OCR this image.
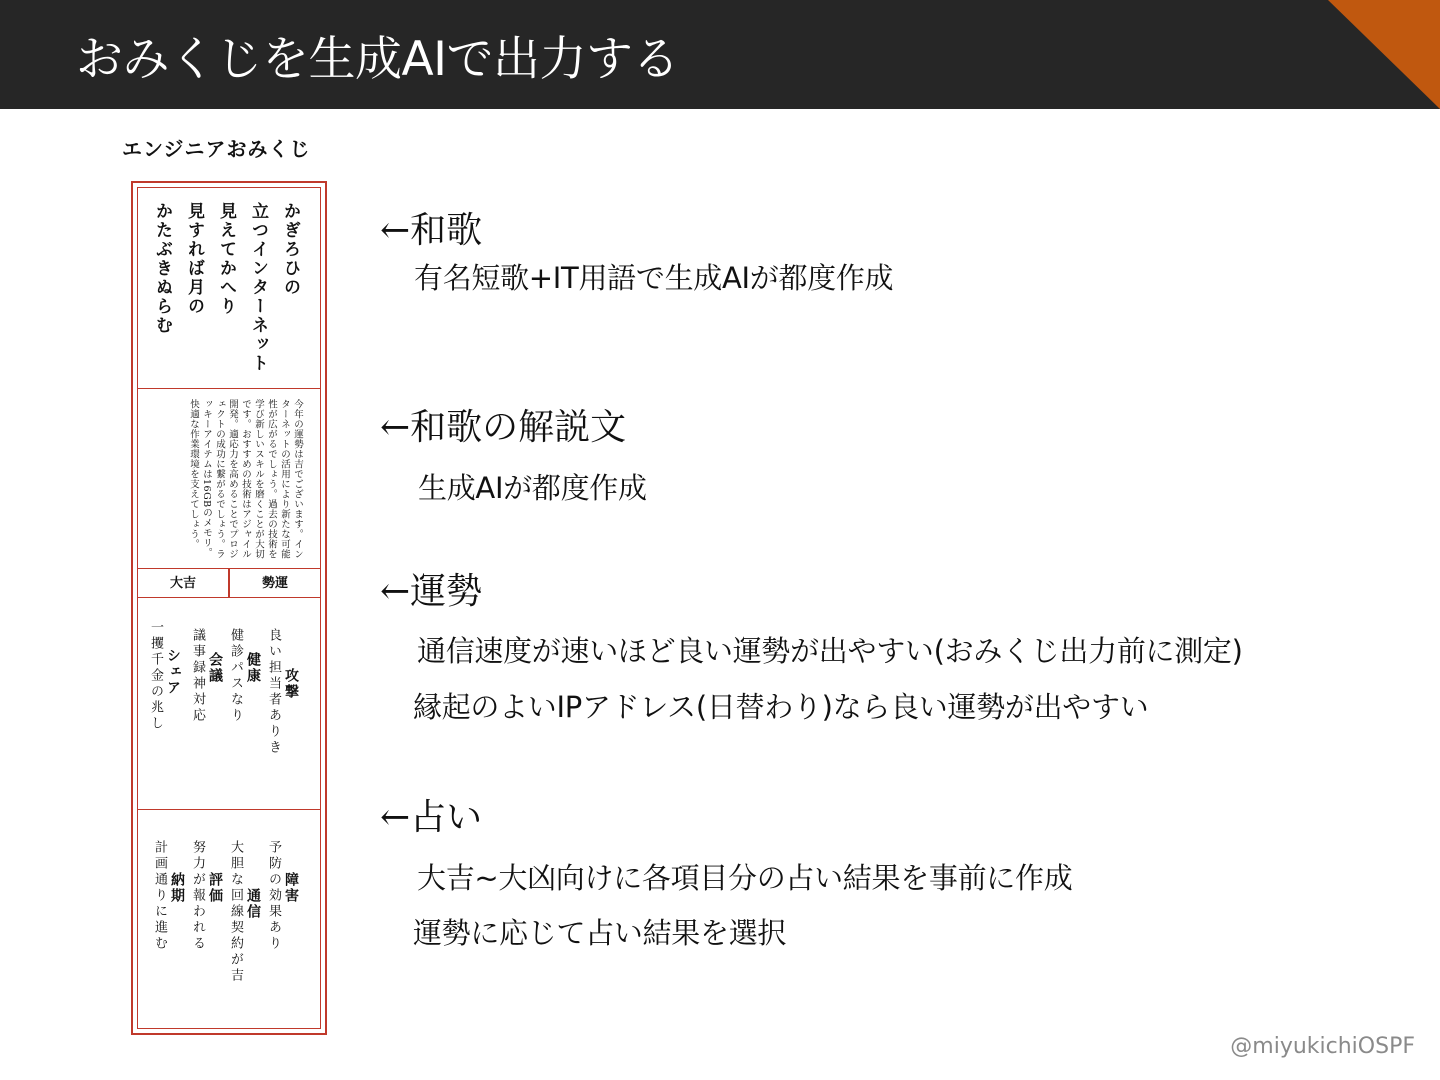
おみくじを生成AIで出力する
エンジニアおみくじ
かぎろひの
立つインターネット
見えてかへり
見すれば月の
かたぶきぬらむ
今年の運勢は吉でございます。インターネットの活用により新たな可能性が広がるでしょう。過去の技術を学び新しいスキルを磨くことが大切です。おすすめの技術はアジャイル開発。適応力を高めることでプロジェクトの成功に繋がるでしょう。ラッキーアイテムは16GBのメモリ。快適な作業環境を支えてしょう。
大吉	勢運
攻撃
良い担当者ありき
健康
健診パスなり
会議
議事録神対応
シェア
一攫千金の兆し
障害
予防の効果あり
通信
大胆な回線契約が吉
評価
努力が報われる
納期
計画通りに進む
←和歌
有名短歌+IT用語で生成AIが都度作成
←和歌の解説文
生成AIが都度作成
←運勢
通信速度が速いほど良い運勢が出やすい(おみくじ出力前に測定)
縁起のよいIPアドレス(日替わり)なら良い運勢が出やすい
←占い
大吉~大凶向けに各項目分の占い結果を事前に作成
運勢に応じて占い結果を選択
@miyukichiOSPF
